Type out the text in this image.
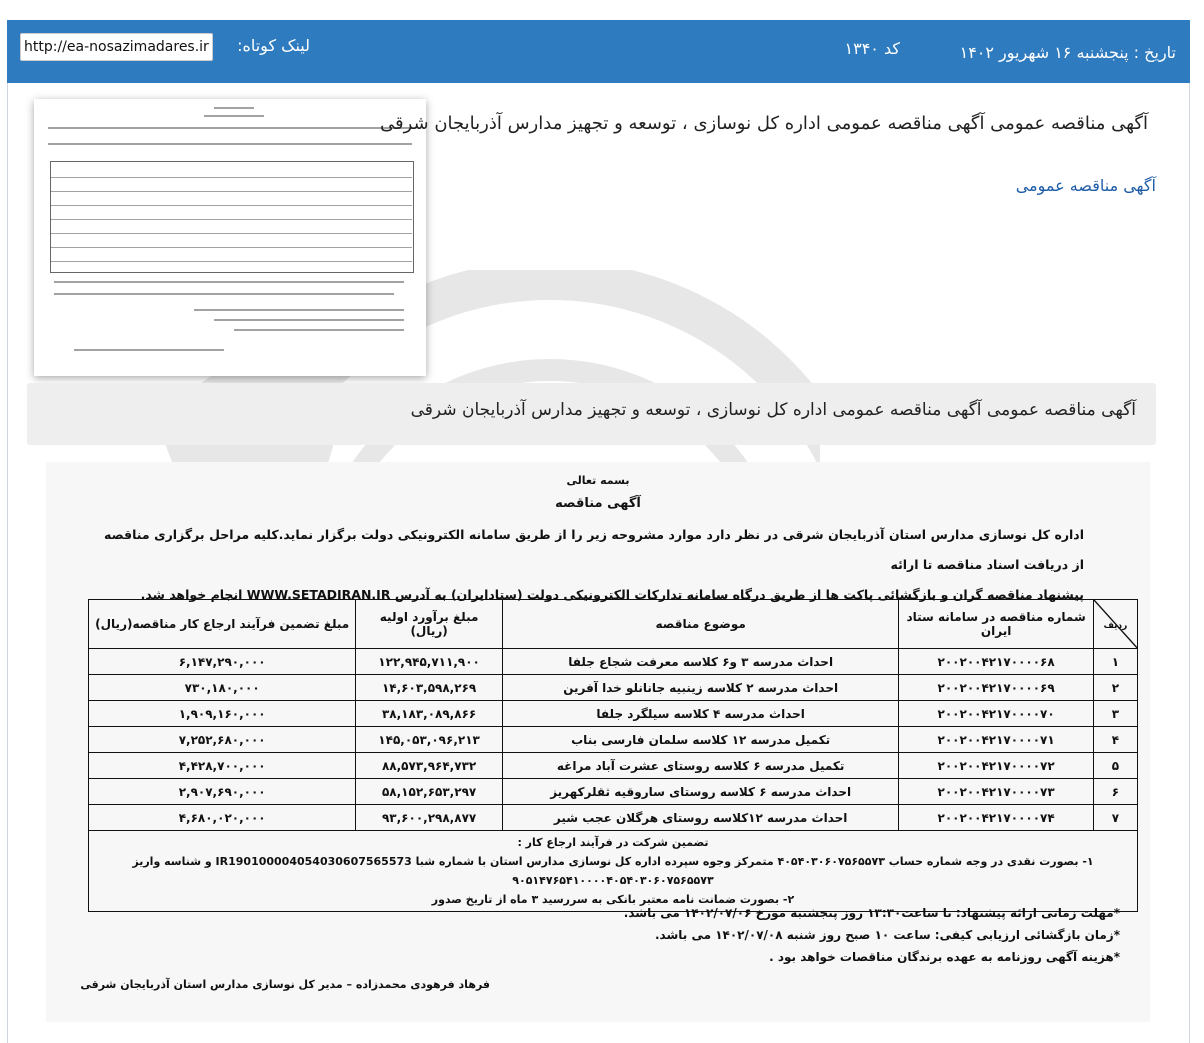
تاریخ : پنجشنبه ۱۶ شهریور ۱۴۰۲
کد ۱۳۴۰
لینک کوتاه:
http://ea-nosazimadares.ir/
آگهی مناقصه عمومی آگهی مناقصه عمومی اداره کل نوسازی ، توسعه و تجهیز مدارس آذربایجان شرقی
آگهی مناقصه عمومی
آگهی مناقصه عمومی آگهی مناقصه عمومی اداره کل نوسازی ، توسعه و تجهیز مدارس آذربایجان شرقی
بسمه تعالی
آگهی مناقصه
اداره کل نوسازی مدارس استان آذربایجان شرقی در نظر دارد موارد مشروحه زیر را از طریق سامانه الکترونیکی دولت برگزار نماید.کلیه مراحل برگزاری مناقصه از دریافت اسناد مناقصه تا ارائه
پیشنهاد مناقصه گران و بازگشائی پاکت ها از طریق درگاه سامانه تدارکات الکترونیکی دولت (ستادایران) به آدرس WWW.SETADIRAN.IR انجام خواهد شد.
ردیف	شماره مناقصه در سامانه ستاد ایران	موضوع مناقصه	مبلغ برآورد اولیه (ریال)	مبلغ تضمین فرآیند ارجاع کار مناقصه(ریال)
۱	۲۰۰۲۰۰۴۲۱۷۰۰۰۰۶۸	احداث مدرسه ۳ و۶ کلاسه معرفت شجاع جلفا	۱۲۲,۹۴۵,۷۱۱,۹۰۰	۶,۱۴۷,۲۹۰,۰۰۰
۲	۲۰۰۲۰۰۴۲۱۷۰۰۰۰۶۹	احداث مدرسه ۲ کلاسه زینبیه جانانلو خدا آفرین	۱۴,۶۰۳,۵۹۸,۲۶۹	۷۳۰,۱۸۰,۰۰۰
۳	۲۰۰۲۰۰۴۲۱۷۰۰۰۰۷۰	احداث مدرسه ۴ کلاسه سیلگرد جلفا	۳۸,۱۸۳,۰۸۹,۸۶۶	۱,۹۰۹,۱۶۰,۰۰۰
۴	۲۰۰۲۰۰۴۲۱۷۰۰۰۰۷۱	تکمیل مدرسه ۱۲ کلاسه سلمان فارسی بناب	۱۴۵,۰۵۳,۰۹۶,۲۱۳	۷,۲۵۲,۶۸۰,۰۰۰
۵	۲۰۰۲۰۰۴۲۱۷۰۰۰۰۷۲	تکمیل مدرسه ۶ کلاسه روستای عشرت آباد مراغه	۸۸,۵۷۳,۹۶۴,۷۳۲	۴,۴۲۸,۷۰۰,۰۰۰
۶	۲۰۰۲۰۰۴۲۱۷۰۰۰۰۷۳	احداث مدرسه ۶ کلاسه روستای ساروقیه ثقلرکهریز	۵۸,۱۵۲,۶۵۳,۲۹۷	۲,۹۰۷,۶۹۰,۰۰۰
۷	۲۰۰۲۰۰۴۲۱۷۰۰۰۰۷۴	احداث مدرسه ۱۲کلاسه روستای هرگلان عجب شیر	۹۳,۶۰۰,۲۹۸,۸۷۷	۴,۶۸۰,۰۲۰,۰۰۰

تضمین شرکت در فرآیند ارجاع کار :
۱- بصورت نقدی در وجه شماره حساب ۴۰۵۴۰۳۰۶۰۷۵۶۵۵۷۳ متمرکز وجوه سپرده اداره کل نوسازی مدارس استان با شماره شبا IR190100004054030607565573 و شناسه واریز ۹۰۵۱۴۷۶۵۴۱۰۰۰۰۴۰۵۴۰۳۰۶۰۷۵۶۵۵۷۳
۲- بصورت ضمانت نامه معتبر بانکی به سررسید ۳ ماه از تاریخ صدور				
*مهلت زمانی ارائه پیشنهاد: تا ساعت۱۳:۳۰ روز پنجشنبه مورخ ۱۴۰۲/۰۷/۰۶ می باشد.
*زمان بازگشائی ارزیابی کیفی: ساعت ۱۰ صبح روز شنبه ۱۴۰۲/۰۷/۰۸ می باشد.
*هزینه آگهی روزنامه به عهده برندگان مناقصات خواهد بود .
فرهاد فرهودی محمدزاده – مدیر کل نوسازی مدارس استان آذربایجان شرقی
